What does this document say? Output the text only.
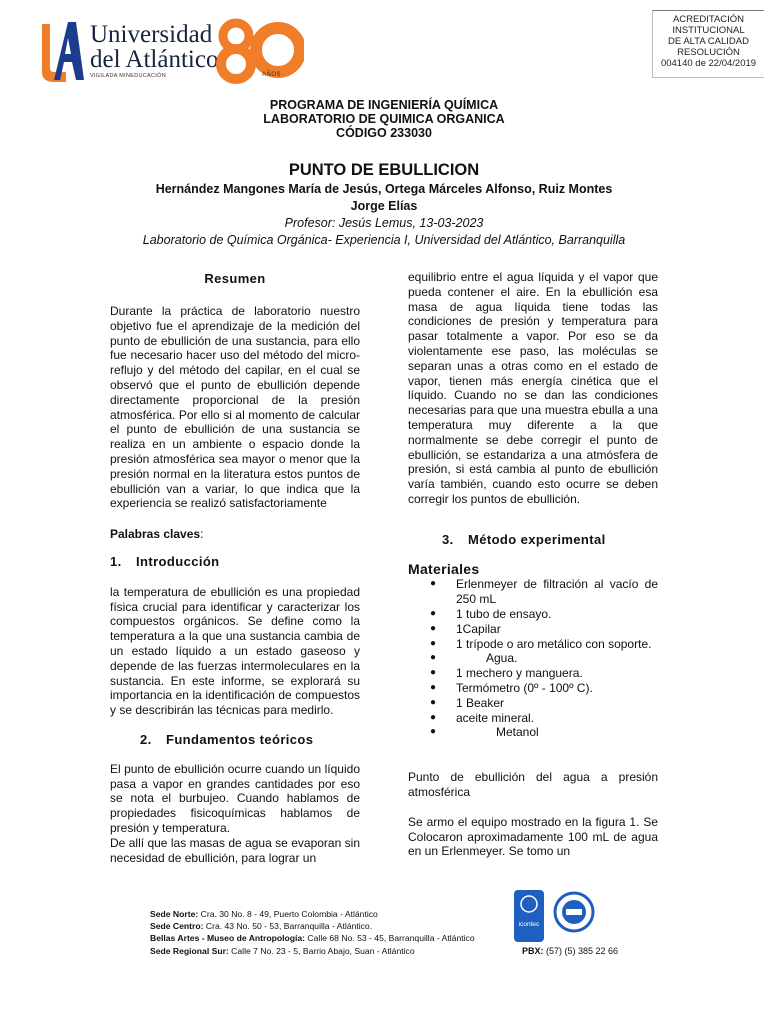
Universidad
del Atlántico
VIGILADA MINEDUCACIÓN	AÑOS
ACREDITACIÓN
INSTITUCIONAL
DE ALTA CALIDAD
RESOLUCIÓN
004140 de 22/04/2019
PROGRAMA DE INGENIERÍA QUÍMICA
LABORATORIO DE QUIMICA ORGANICA
CÓDIGO 233030
PUNTO DE EBULLICION
Hernández Mangones María de Jesús, Ortega Márceles Alfonso, Ruiz Montes
Jorge Elías
Profesor: Jesús Lemus, 13-03-2023
Laboratorio de Química Orgánica- Experiencia I, Universidad del Atlántico, Barranquilla
Resumen
Durante la práctica de laboratorio nuestro objetivo fue el aprendizaje de la medición del punto de ebullición de una sustancia, para ello fue necesario hacer uso del método del micro-reflujo y del método del capilar, en el cual se observó que el punto de ebullición depende directamente proporcional de la presión atmosférica. Por ello si al momento de calcular el punto de ebullición de una sustancia se realiza en un ambiente o espacio donde la presión atmosférica sea mayor o menor que la presión normal en la literatura estos puntos de ebullición van a variar, lo que indica que la experiencia se realizó satisfactoriamente
Palabras claves:
1. Introducción
la temperatura de ebullición es una propiedad física crucial para identificar y caracterizar los compuestos orgánicos. Se define como la temperatura a la que una sustancia cambia de un estado líquido a un estado gaseoso y depende de las fuerzas intermoleculares en la sustancia. En este informe, se explorará su importancia en la identificación de compuestos y se describirán las técnicas para medirlo.
2. Fundamentos teóricos
El punto de ebullición ocurre cuando un líquido pasa a vapor en grandes cantidades por eso se nota el burbujeo. Cuando hablamos de propiedades fisicoquímicas hablamos de presión y temperatura.
De allí que las masas de agua se evaporan sin necesidad de ebullición, para lograr un
equilibrio entre el agua líquida y el vapor que pueda contener el aire. En la ebullición esa masa de agua líquida tiene todas las condiciones de presión y temperatura para pasar totalmente a vapor. Por eso se da violentamente ese paso, las moléculas se separan unas a otras como en el estado de vapor, tienen más energía cinética que el líquido. Cuando no se dan las condiciones necesarias para que una muestra ebulla a una temperatura muy diferente a la que normalmente se debe corregir el punto de ebullición, se estandariza a una atmósfera de presión, si está cambia al punto de ebullición varía también, cuando esto ocurre se deben corregir los puntos de ebullición.
3. Método experimental
Materiales
● Erlenmeyer de filtración al vacío de 250 mL
● 1 tubo de ensayo.
● 1Capilar
● 1 trípode o aro metálico con soporte.
●	Agua.
● 1 mechero y manguera.
● Termómetro (0º - 100º C).
● 1 Beaker
● aceite mineral.
●	Metanol
Punto de ebullición del agua a presión atmosférica
Se armo el equipo mostrado en la figura 1. Se Colocaron aproximadamente 100 mL de agua en un Erlenmeyer. Se tomo un
Sede Norte: Cra. 30 No. 8 - 49, Puerto Colombia - Atlántico
Sede Centro: Cra. 43 No. 50 - 53, Barranquilla - Atlántico.
Bellas Artes - Museo de Antropología: Calle 68 No. 53 - 45, Barranquilla - Atlántico
Sede Regional Sur: Calle 7 No. 23 - 5, Barrio Abajo, Suan - Atlántico
icontec
PBX: (57) (5) 385 22 66
